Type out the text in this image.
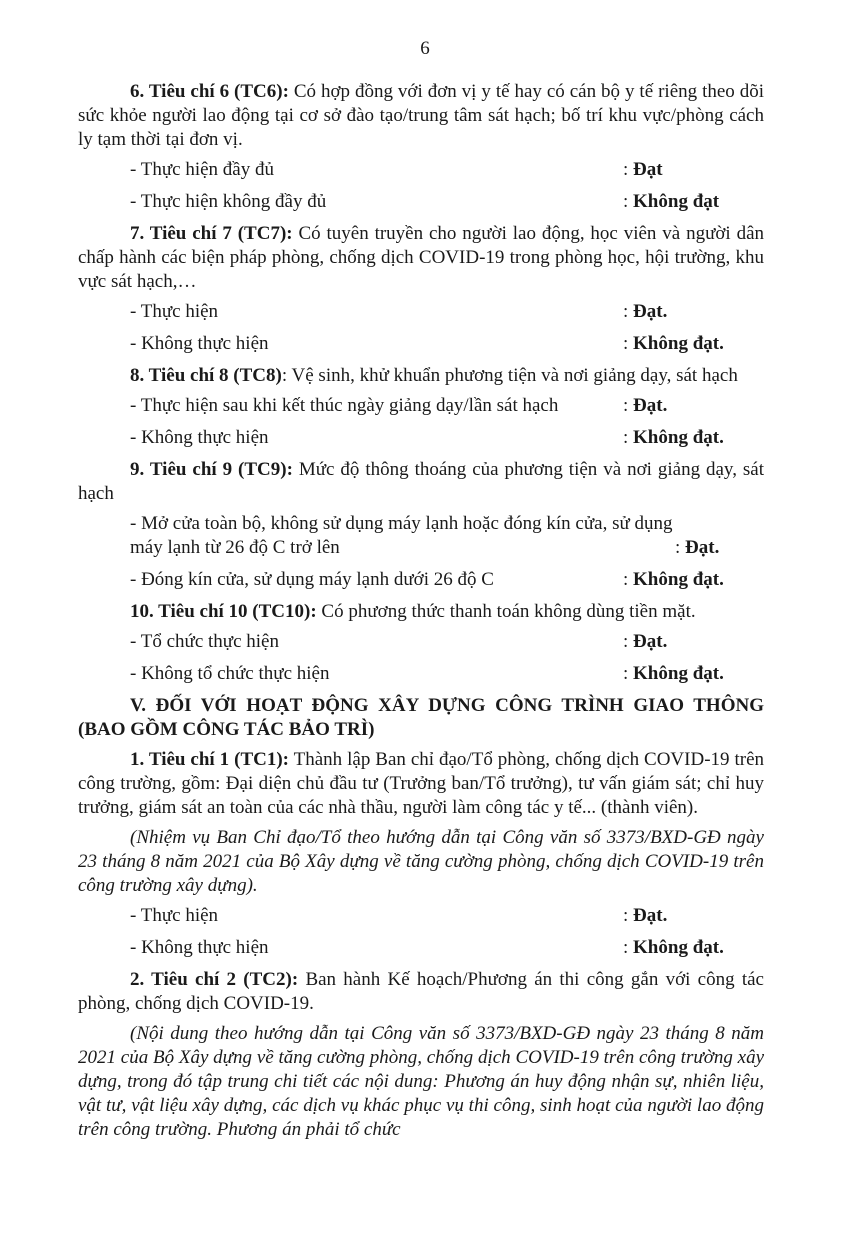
6
6. Tiêu chí 6 (TC6): Có hợp đồng với đơn vị y tế hay có cán bộ y tế riêng theo dõi sức khỏe người lao động tại cơ sở đào tạo/trung tâm sát hạch; bố trí khu vực/phòng cách ly tạm thời tại đơn vị.
- Thực hiện đầy đủ	: Đạt
- Thực hiện không đầy đủ	: Không đạt
7. Tiêu chí 7 (TC7): Có tuyên truyền cho người lao động, học viên và người dân chấp hành các biện pháp phòng, chống dịch COVID-19 trong phòng học, hội trường, khu vực sát hạch,…
- Thực hiện	: Đạt.
- Không thực hiện	: Không đạt.
8. Tiêu chí 8 (TC8): Vệ sinh, khử khuẩn phương tiện và nơi giảng dạy, sát hạch
- Thực hiện sau khi kết thúc ngày giảng dạy/lần sát hạch	: Đạt.
- Không thực hiện	: Không đạt.
9. Tiêu chí 9 (TC9): Mức độ thông thoáng của phương tiện và nơi giảng dạy, sát hạch
- Mở cửa toàn bộ, không sử dụng máy lạnh hoặc đóng kín cửa, sử dụng
máy lạnh từ 26 độ C trở lên	: Đạt.
- Đóng kín cửa, sử dụng máy lạnh dưới 26 độ C	: Không đạt.
10. Tiêu chí 10 (TC10): Có phương thức thanh toán không dùng tiền mặt.
- Tổ chức thực hiện	: Đạt.
- Không tổ chức thực hiện	: Không đạt.
V. ĐỐI VỚI HOẠT ĐỘNG XÂY DỰNG CÔNG TRÌNH GIAO THÔNG (BAO GỒM CÔNG TÁC BẢO TRÌ)
1. Tiêu chí 1 (TC1): Thành lập Ban chỉ đạo/Tổ phòng, chống dịch COVID-19 trên công trường, gồm: Đại diện chủ đầu tư (Trưởng ban/Tổ trưởng), tư vấn giám sát; chỉ huy trưởng, giám sát an toàn của các nhà thầu, người làm công tác y tế... (thành viên).
(Nhiệm vụ Ban Chỉ đạo/Tổ theo hướng dẫn tại Công văn số 3373/BXD-GĐ ngày 23 tháng 8 năm 2021 của Bộ Xây dựng về tăng cường phòng, chống dịch COVID-19 trên công trường xây dựng).
- Thực hiện	: Đạt.
- Không thực hiện	: Không đạt.
2. Tiêu chí 2 (TC2): Ban hành Kế hoạch/Phương án thi công gắn với công tác phòng, chống dịch COVID-19.
(Nội dung theo hướng dẫn tại Công văn số 3373/BXD-GĐ ngày 23 tháng 8 năm 2021 của Bộ Xây dựng về tăng cường phòng, chống dịch COVID-19 trên công trường xây dựng, trong đó tập trung chi tiết các nội dung: Phương án huy động nhận sự, nhiên liệu, vật tư, vật liệu xây dựng, các dịch vụ khác phục vụ thi công, sinh hoạt của người lao động trên công trường. Phương án phải tổ chức
